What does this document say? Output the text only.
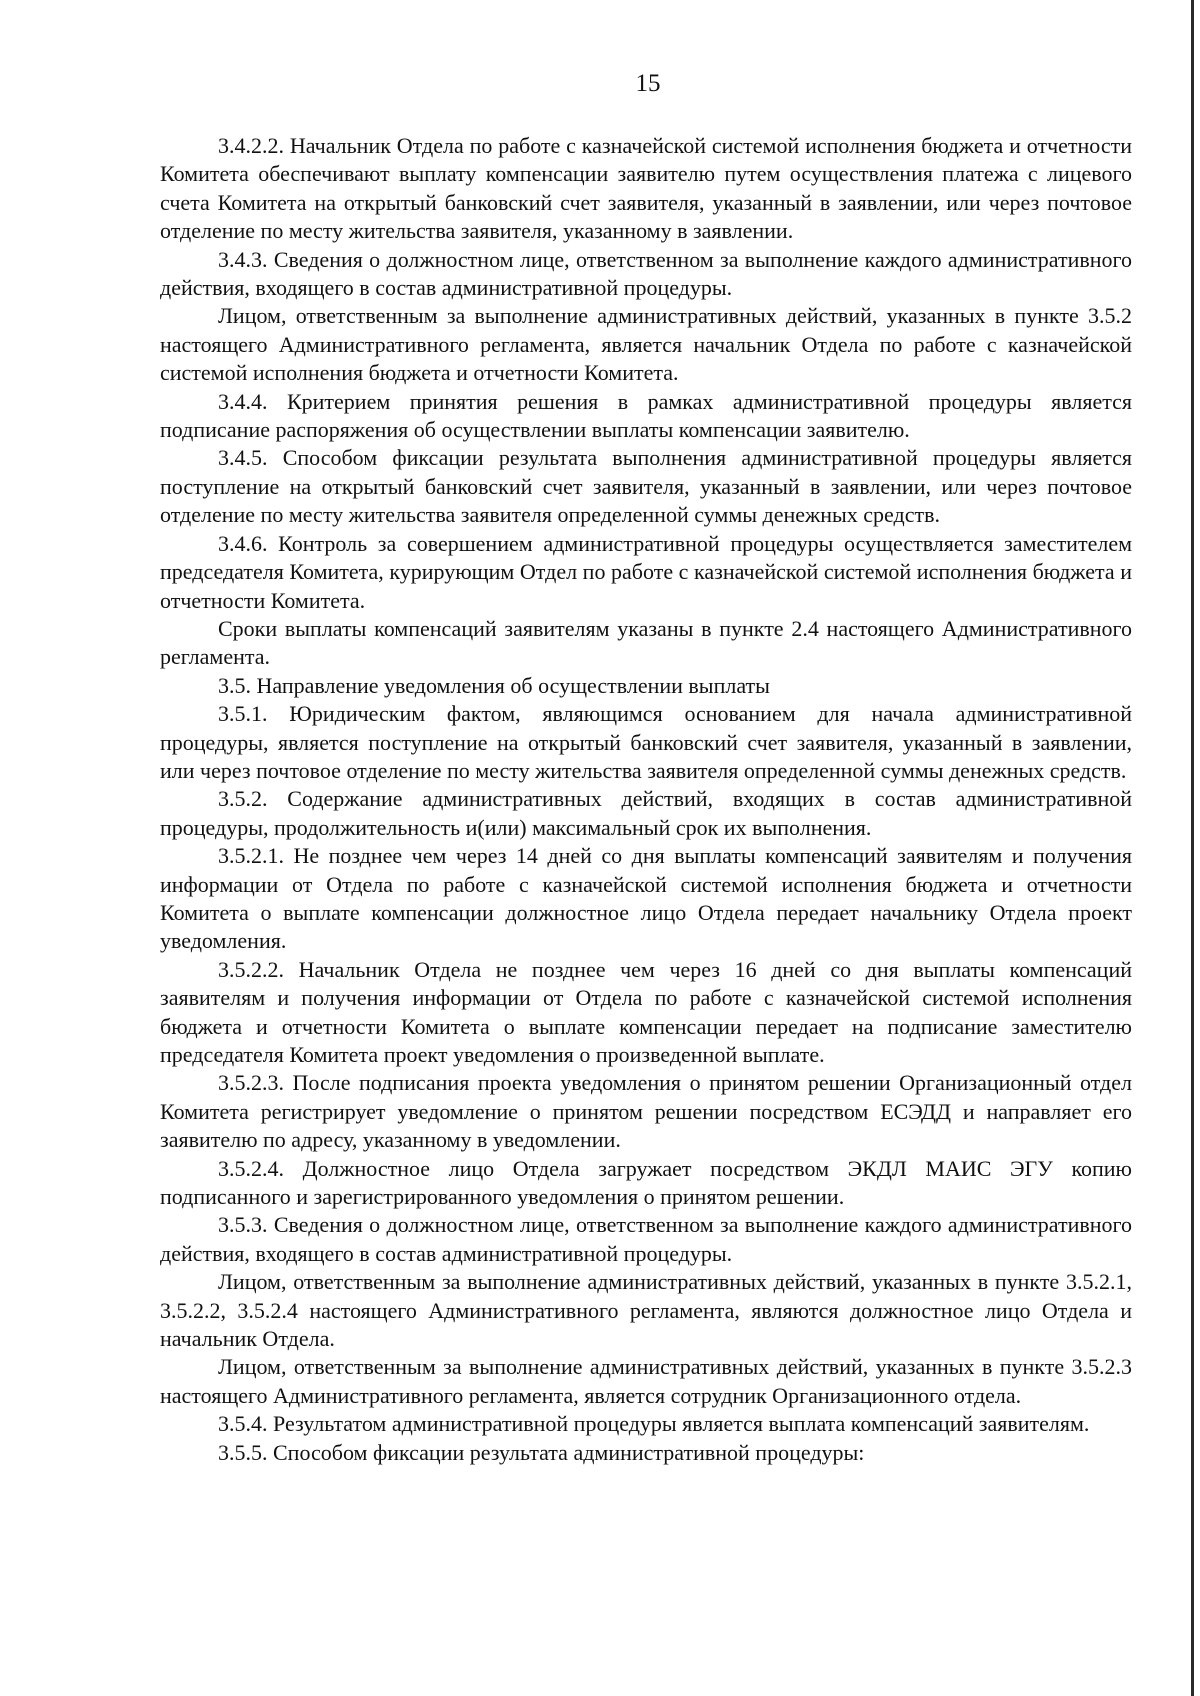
15

3.4.2.2. Начальник Отдела по работе с казначейской системой исполнения бюджета и отчетности Комитета обеспечивают выплату компенсации заявителю путем осуществления платежа с лицевого счета Комитета на открытый банковский счет заявителя, указанный в заявлении, или через почтовое отделение по месту жительства заявителя, указанному в заявлении.

3.4.3. Сведения о должностном лице, ответственном за выполнение каждого административного действия, входящего в состав административной процедуры.

Лицом, ответственным за выполнение административных действий, указанных в пункте 3.5.2 настоящего Административного регламента, является начальник Отдела по работе с казначейской системой исполнения бюджета и отчетности Комитета.

3.4.4. Критерием принятия решения в рамках административной процедуры является подписание распоряжения об осуществлении выплаты компенсации заявителю.

3.4.5. Способом фиксации результата выполнения административной процедуры является поступление на открытый банковский счет заявителя, указанный в заявлении, или через почтовое отделение по месту жительства заявителя определенной суммы денежных средств.

3.4.6. Контроль за совершением административной процедуры осуществляется заместителем председателя Комитета, курирующим Отдел по работе с казначейской системой исполнения бюджета и отчетности Комитета.

Сроки выплаты компенсаций заявителям указаны в пункте 2.4 настоящего Административного регламента.

3.5. Направление уведомления об осуществлении выплаты

3.5.1. Юридическим фактом, являющимся основанием для начала административной процедуры, является поступление на открытый банковский счет заявителя, указанный в заявлении, или через почтовое отделение по месту жительства заявителя определенной суммы денежных средств.

3.5.2. Содержание административных действий, входящих в состав административной процедуры, продолжительность и(или) максимальный срок их выполнения.

3.5.2.1. Не позднее чем через 14 дней со дня выплаты компенсаций заявителям и получения информации от Отдела по работе с казначейской системой исполнения бюджета и отчетности Комитета о выплате компенсации должностное лицо Отдела передает начальнику Отдела проект уведомления.

3.5.2.2. Начальник Отдела не позднее чем через 16 дней со дня выплаты компенсаций заявителям и получения информации от Отдела по работе с казначейской системой исполнения бюджета и отчетности Комитета о выплате компенсации передает на подписание заместителю председателя Комитета проект уведомления о произведенной выплате.

3.5.2.3. После подписания проекта уведомления о принятом решении Организационный отдел Комитета регистрирует уведомление о принятом решении посредством ЕСЭДД и направляет его заявителю по адресу, указанному в уведомлении.

3.5.2.4. Должностное лицо Отдела загружает посредством ЭКДЛ МАИС ЭГУ копию подписанного и зарегистрированного уведомления о принятом решении.

3.5.3. Сведения о должностном лице, ответственном за выполнение каждого административного действия, входящего в состав административной процедуры.

Лицом, ответственным за выполнение административных действий, указанных в пункте 3.5.2.1, 3.5.2.2, 3.5.2.4 настоящего Административного регламента, являются должностное лицо Отдела и начальник Отдела.

Лицом, ответственным за выполнение административных действий, указанных в пункте 3.5.2.3 настоящего Административного регламента, является сотрудник Организационного отдела.

3.5.4. Результатом административной процедуры является выплата компенсаций заявителям.

3.5.5. Способом фиксации результата административной процедуры:
